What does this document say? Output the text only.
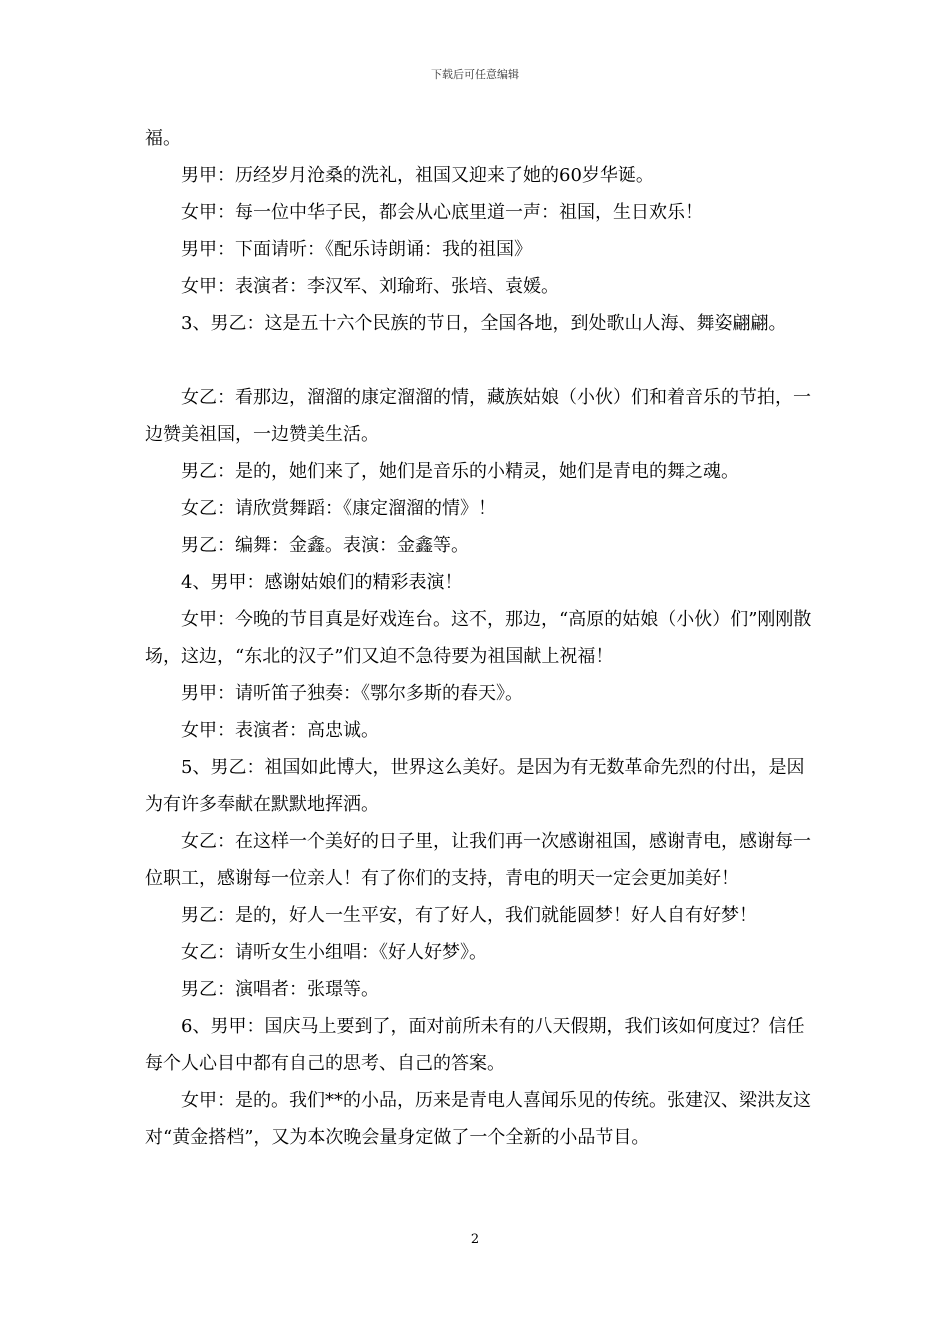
下载后可任意编辑

福。

男甲：历经岁月沧桑的洗礼，祖国又迎来了她的60岁华诞。

女甲：每一位中华子民，都会从心底里道一声：祖国，生日欢乐！

男甲：下面请听：《配乐诗朗诵：我的祖国》

女甲：表演者：李汉军、刘瑜珩、张培、袁媛。

3、男乙：这是五十六个民族的节日，全国各地，到处歌山人海、舞姿翩翩。

女乙：看那边，溜溜的康定溜溜的情，藏族姑娘（小伙）们和着音乐的节拍，一边赞美祖国，一边赞美生活。

男乙：是的，她们来了，她们是音乐的小精灵，她们是青电的舞之魂。

女乙：请欣赏舞蹈：《康定溜溜的情》！

男乙：编舞：金鑫。表演：金鑫等。

4、男甲：感谢姑娘们的精彩表演！

女甲：今晚的节目真是好戏连台。这不，那边，“高原的姑娘（小伙）们”刚刚散场，这边，“东北的汉子”们又迫不急待要为祖国献上祝福！

男甲：请听笛子独奏：《鄂尔多斯的春天》。

女甲：表演者：高忠诚。

5、男乙：祖国如此博大，世界这么美好。是因为有无数革命先烈的付出，是因为有许多奉献在默默地挥洒。

女乙：在这样一个美好的日子里，让我们再一次感谢祖国，感谢青电，感谢每一位职工，感谢每一位亲人！有了你们的支持，青电的明天一定会更加美好！

男乙：是的，好人一生平安，有了好人，我们就能圆梦！好人自有好梦！

女乙：请听女生小组唱：《好人好梦》。

男乙：演唱者：张璟等。

6、男甲：国庆马上要到了，面对前所未有的八天假期，我们该如何度过？信任每个人心目中都有自己的思考、自己的答案。

女甲：是的。我们**的小品，历来是青电人喜闻乐见的传统。张建汉、梁洪友这对“黄金搭档”，又为本次晚会量身定做了一个全新的小品节目。

2
